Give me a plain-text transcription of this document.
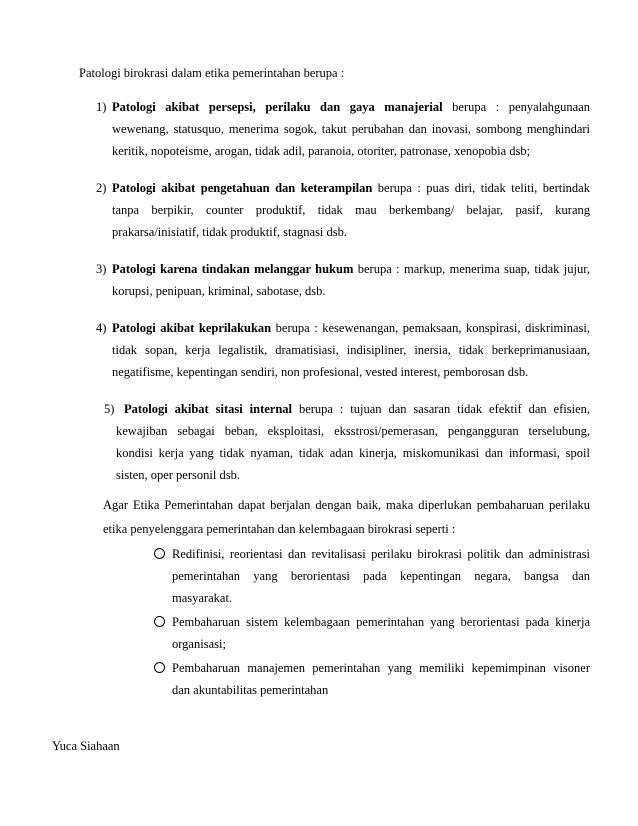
Patologi birokrasi dalam etika pemerintahan berupa :
1) Patologi akibat persepsi, perilaku dan gaya manajerial berupa : penyalahgunaan
wewenang, statusquo, menerima sogok, takut perubahan dan inovasi, sombong menghindari
keritik, nopoteisme, arogan, tidak adil, paranoia, otoriter, patronase, xenopobia dsb;
2) Patologi akibat pengetahuan dan keterampilan berupa : puas diri, tidak teliti, bertindak
tanpa berpikir, counter produktif, tidak mau berkembang/ belajar, pasif, kurang
prakarsa/inisiatif, tidak produktif, stagnasi dsb.
3) Patologi karena tindakan melanggar hukum berupa : markup, menerima suap, tidak jujur,
korupsi, penipuan, kriminal, sabotase, dsb.
4) Patologi akibat keprilakukan berupa : kesewenangan, pemaksaan, konspirasi, diskriminasi,
tidak sopan, kerja legalistik, dramatisiasi, indisipliner, inersia, tidak berkeprimanusiaan,
negatifisme, kepentingan sendiri, non profesional, vested interest, pemborosan dsb.
5) Patologi akibat sitasi internal berupa : tujuan dan sasaran tidak efektif dan efisien,
kewajiban sebagai beban, eksploitasi, eksstrosi/pemerasan, pengangguran terselubung,
kondisi kerja yang tidak nyaman, tidak adan kinerja, miskomunikasi dan informasi, spoil
sisten, oper personil dsb.
Agar Etika Pemerintahan dapat berjalan dengan baik, maka diperlukan pembaharuan perilaku
etika penyelenggara pemerintahan dan kelembagaan birokrasi seperti :
Redifinisi, reorientasi dan revitalisasi perilaku birokrasi politik dan administrasi
pemerintahan yang berorientasi pada kepentingan negara, bangsa dan
masyarakat.
Pembaharuan sistem kelembagaan pemerintahan yang berorientasi pada kinerja
organisasi;
Pembaharuan manajemen pemerintahan yang memiliki kepemimpinan visoner
dan akuntabilitas pemerintahan
Yuca Siahaan
